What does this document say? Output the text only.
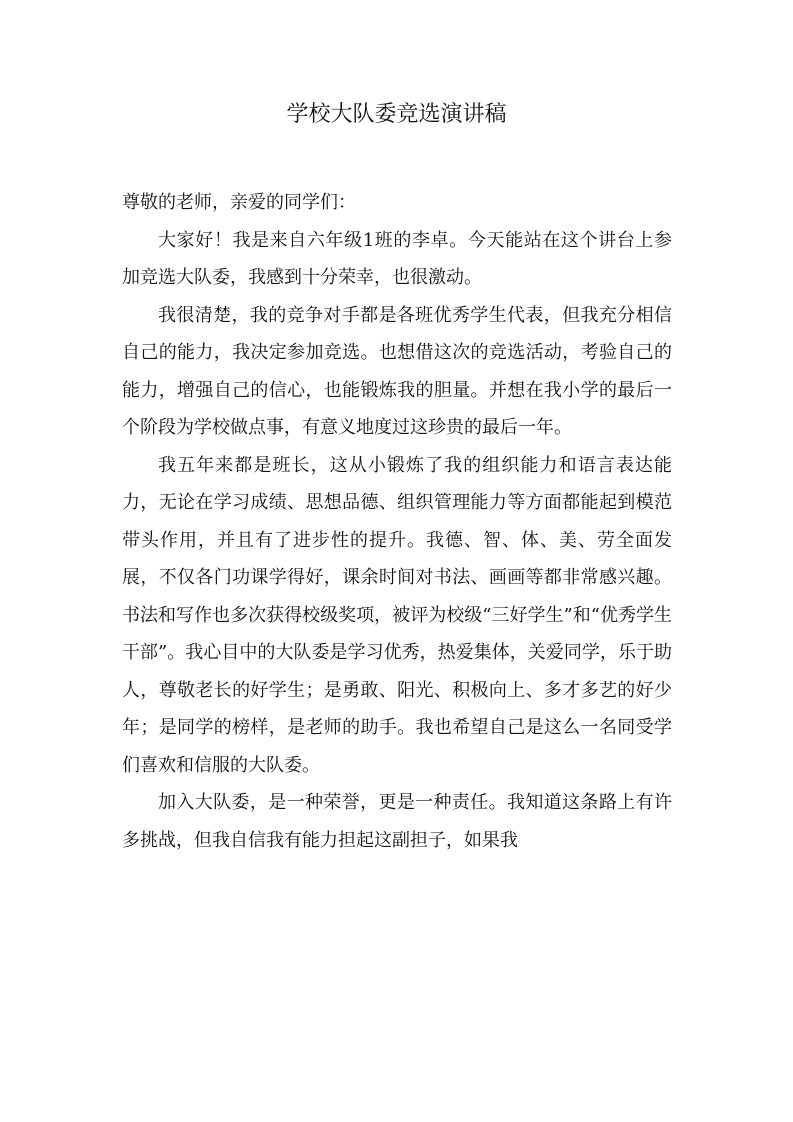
学校大队委竞选演讲稿

尊敬的老师，亲爱的同学们：

大家好！我是来自六年级1班的李卓。今天能站在这个讲台上参加竞选大队委，我感到十分荣幸，也很激动。

我很清楚，我的竞争对手都是各班优秀学生代表，但我充分相信自己的能力，我决定参加竞选。也想借这次的竞选活动，考验自己的能力，增强自己的信心，也能锻炼我的胆量。并想在我小学的最后一个阶段为学校做点事，有意义地度过这珍贵的最后一年。

我五年来都是班长，这从小锻炼了我的组织能力和语言表达能力，无论在学习成绩、思想品德、组织管理能力等方面都能起到模范带头作用，并且有了进步性的提升。我德、智、体、美、劳全面发展，不仅各门功课学得好，课余时间对书法、画画等都非常感兴趣。书法和写作也多次获得校级奖项，被评为校级“三好学生”和“优秀学生干部”。我心目中的大队委是学习优秀，热爱集体，关爱同学，乐于助人，尊敬老长的好学生；是勇敢、阳光、积极向上、多才多艺的好少年；是同学的榜样，是老师的助手。我也希望自己是这么一名同受学们喜欢和信服的大队委。

加入大队委，是一种荣誉，更是一种责任。我知道这条路上有许多挑战，但我自信我有能力担起这副担子，如果我
